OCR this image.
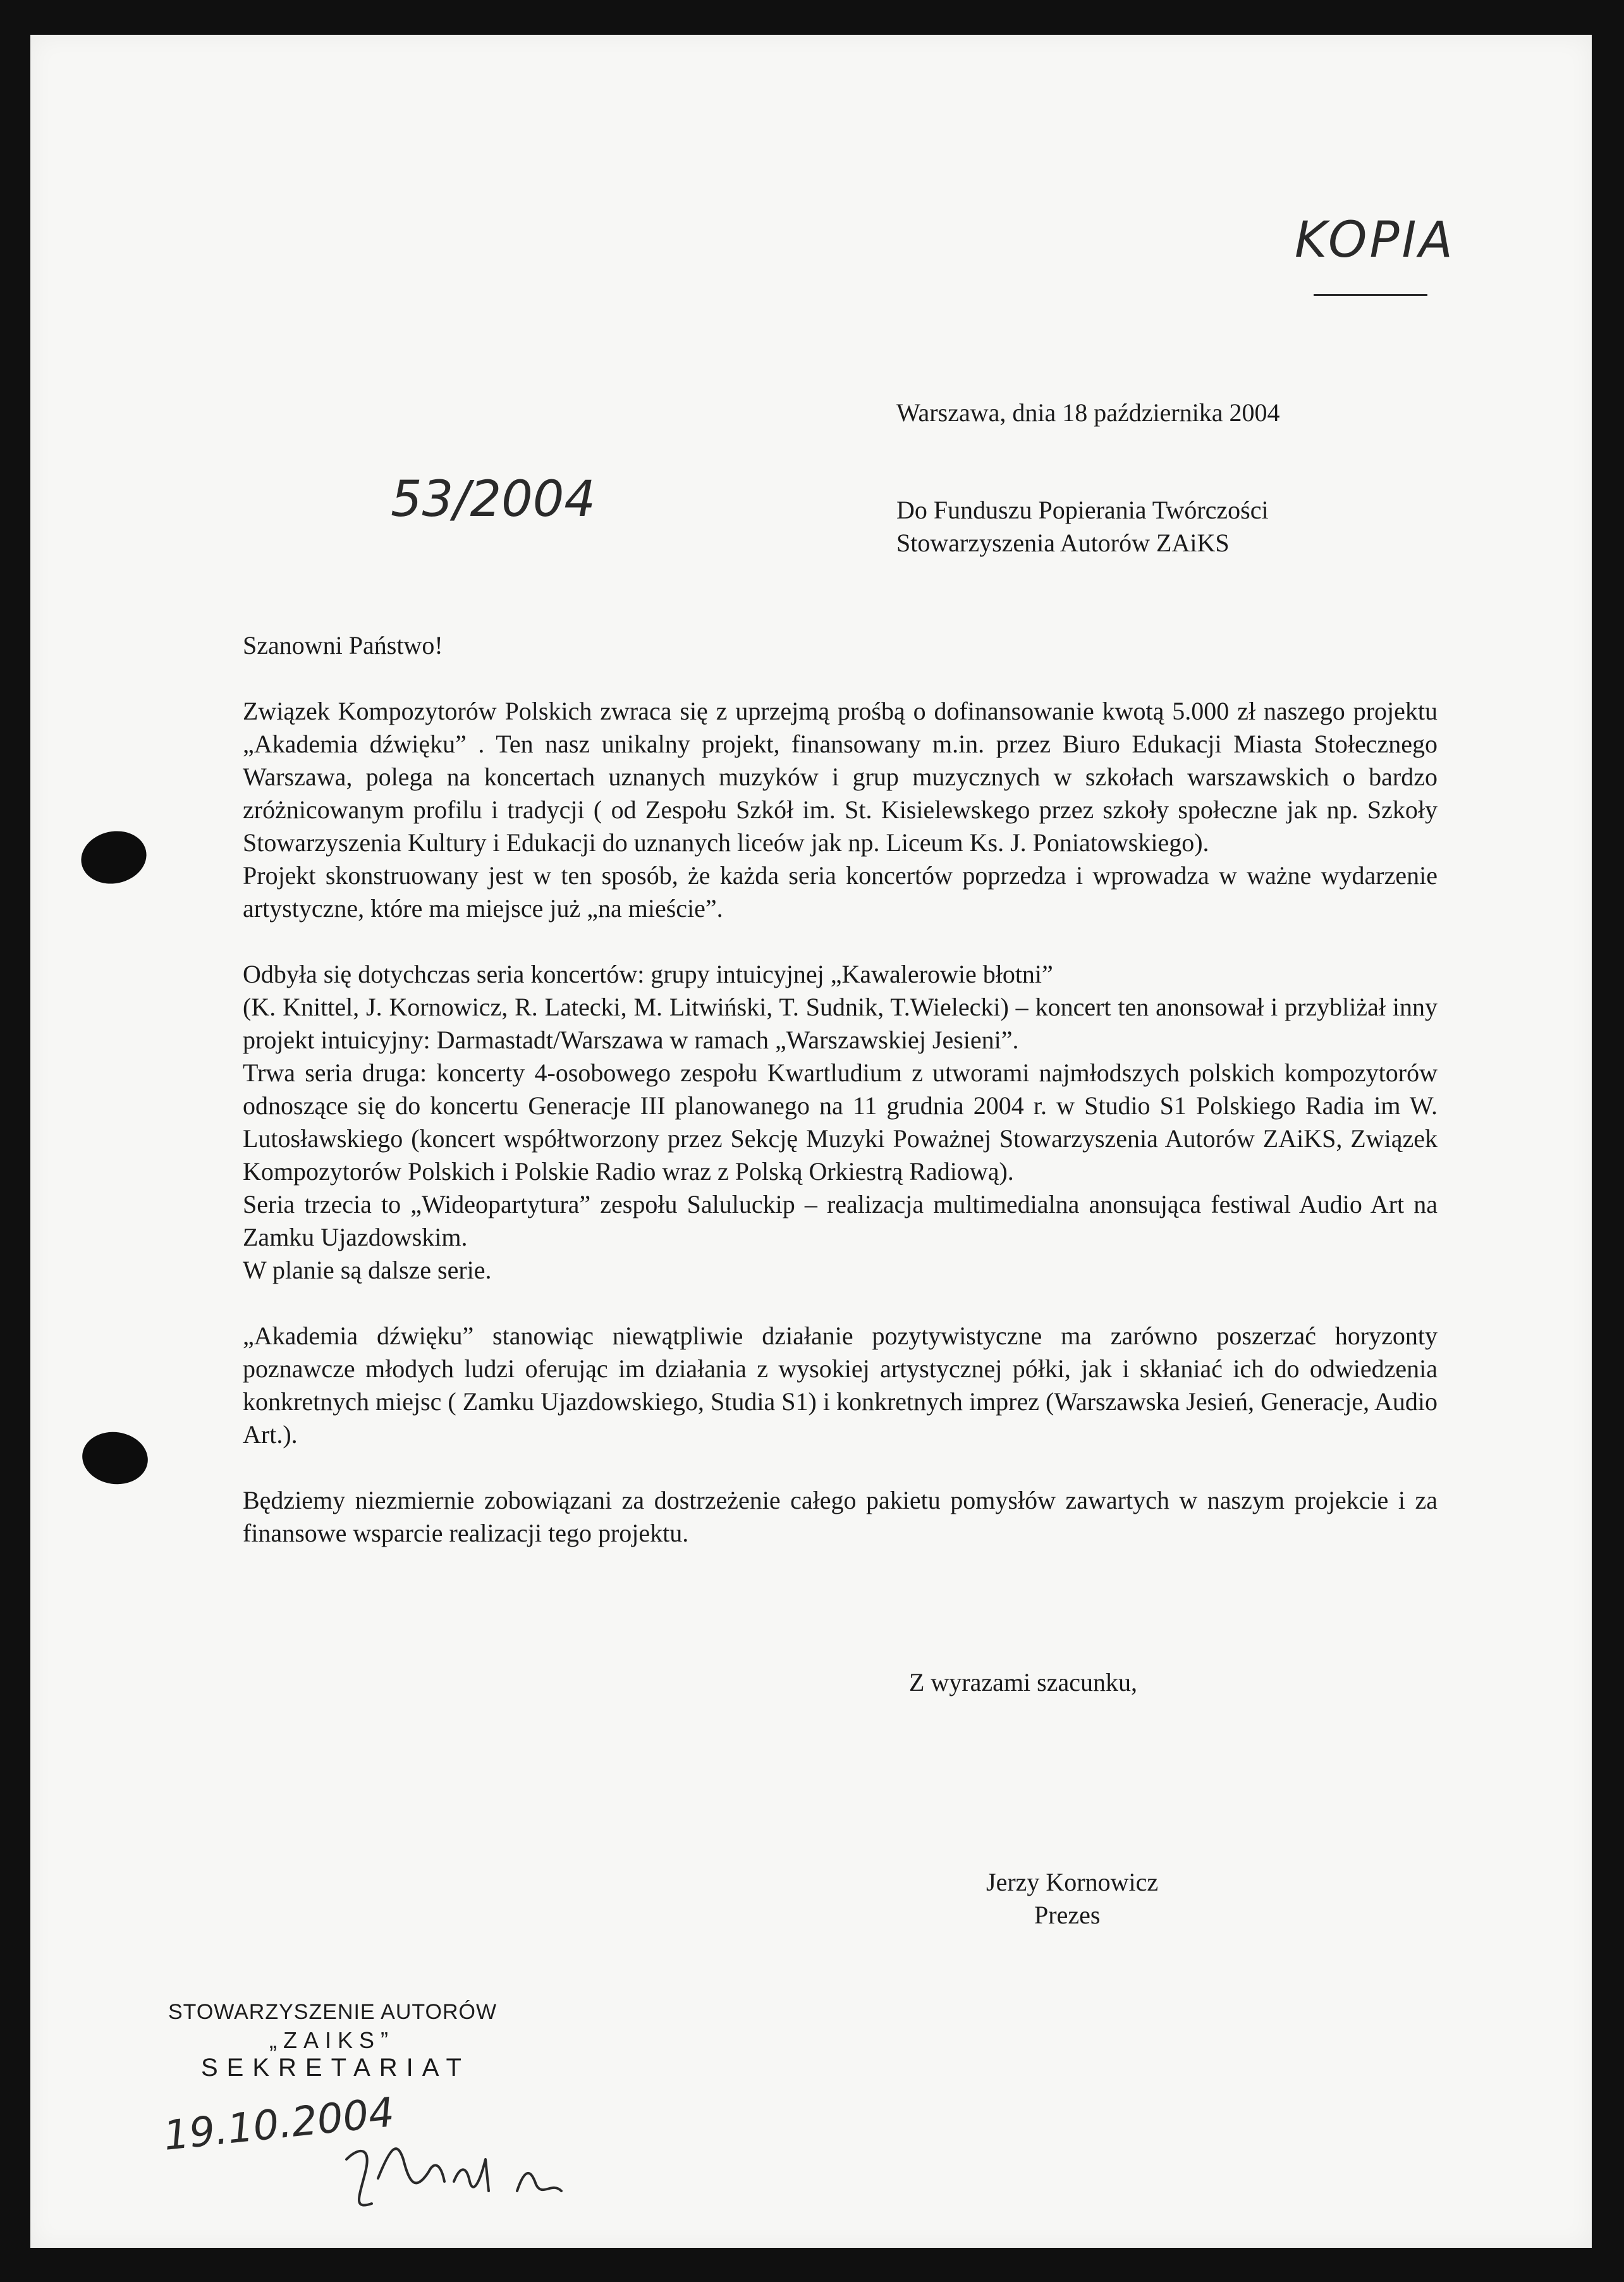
KOPIA
53/2004
Warszawa, dnia 18 października 2004
Do Funduszu Popierania Twórczości
Stowarzyszenia Autorów ZAiKS
Szanowni Państwo!

Związek Kompozytorów Polskich zwraca się z uprzejmą prośbą o dofinansowanie kwotą 5.000 zł naszego projektu „Akademia dźwięku” . Ten nasz unikalny projekt, finansowany m.in. przez Biuro Edukacji Miasta Stołecznego Warszawa, polega na koncertach uznanych muzyków i grup muzycznych w szkołach warszawskich o bardzo zróżnicowanym profilu i tradycji ( od Zespołu Szkół im. St. Kisielewskego przez szkoły społeczne jak np. Szkoły Stowarzyszenia Kultury i Edukacji do uznanych liceów jak np. Liceum Ks. J. Poniatowskiego).

Projekt skonstruowany jest w ten sposób, że każda seria koncertów poprzedza i wprowadza w ważne wydarzenie artystyczne, które ma miejsce już „na mieście”.

Odbyła się dotychczas seria koncertów: grupy intuicyjnej „Kawalerowie błotni”

(K. Knittel, J. Kornowicz, R. Latecki, M. Litwiński, T. Sudnik, T.Wielecki) – koncert ten anonsował i przybliżał inny projekt intuicyjny: Darmastadt/Warszawa w ramach „Warszawskiej Jesieni”.

Trwa seria druga: koncerty 4-osobowego zespołu Kwartludium z utworami najmłodszych polskich kompozytorów odnoszące się do koncertu Generacje III planowanego na 11 grudnia 2004 r. w Studio S1 Polskiego Radia im W. Lutosławskiego (koncert współtworzony przez Sekcję Muzyki Poważnej Stowarzyszenia Autorów ZAiKS, Związek Kompozytorów Polskich i Polskie Radio wraz z Polską Orkiestrą Radiową).

Seria trzecia to „Wideopartytura” zespołu Saluluckip – realizacja multimedialna anonsująca festiwal Audio Art na Zamku Ujazdowskim.

W planie są dalsze serie.

„Akademia dźwięku” stanowiąc niewątpliwie działanie pozytywistyczne ma zarówno poszerzać horyzonty poznawcze młodych ludzi oferując im działania z wysokiej artystycznej półki, jak i skłaniać ich do odwiedzenia konkretnych miejsc ( Zamku Ujazdowskiego, Studia S1) i konkretnych imprez (Warszawska Jesień, Generacje, Audio Art.).

Będziemy niezmiernie zobowiązani za dostrzeżenie całego pakietu pomysłów zawartych w naszym projekcie i za finansowe wsparcie realizacji tego projektu.

Z wyrazami szacunku,
Jerzy Kornowicz
Prezes
STOWARZYSZENIE AUTORÓW
„ZAIKS”
SEKRETARIAT
19.10.2004
